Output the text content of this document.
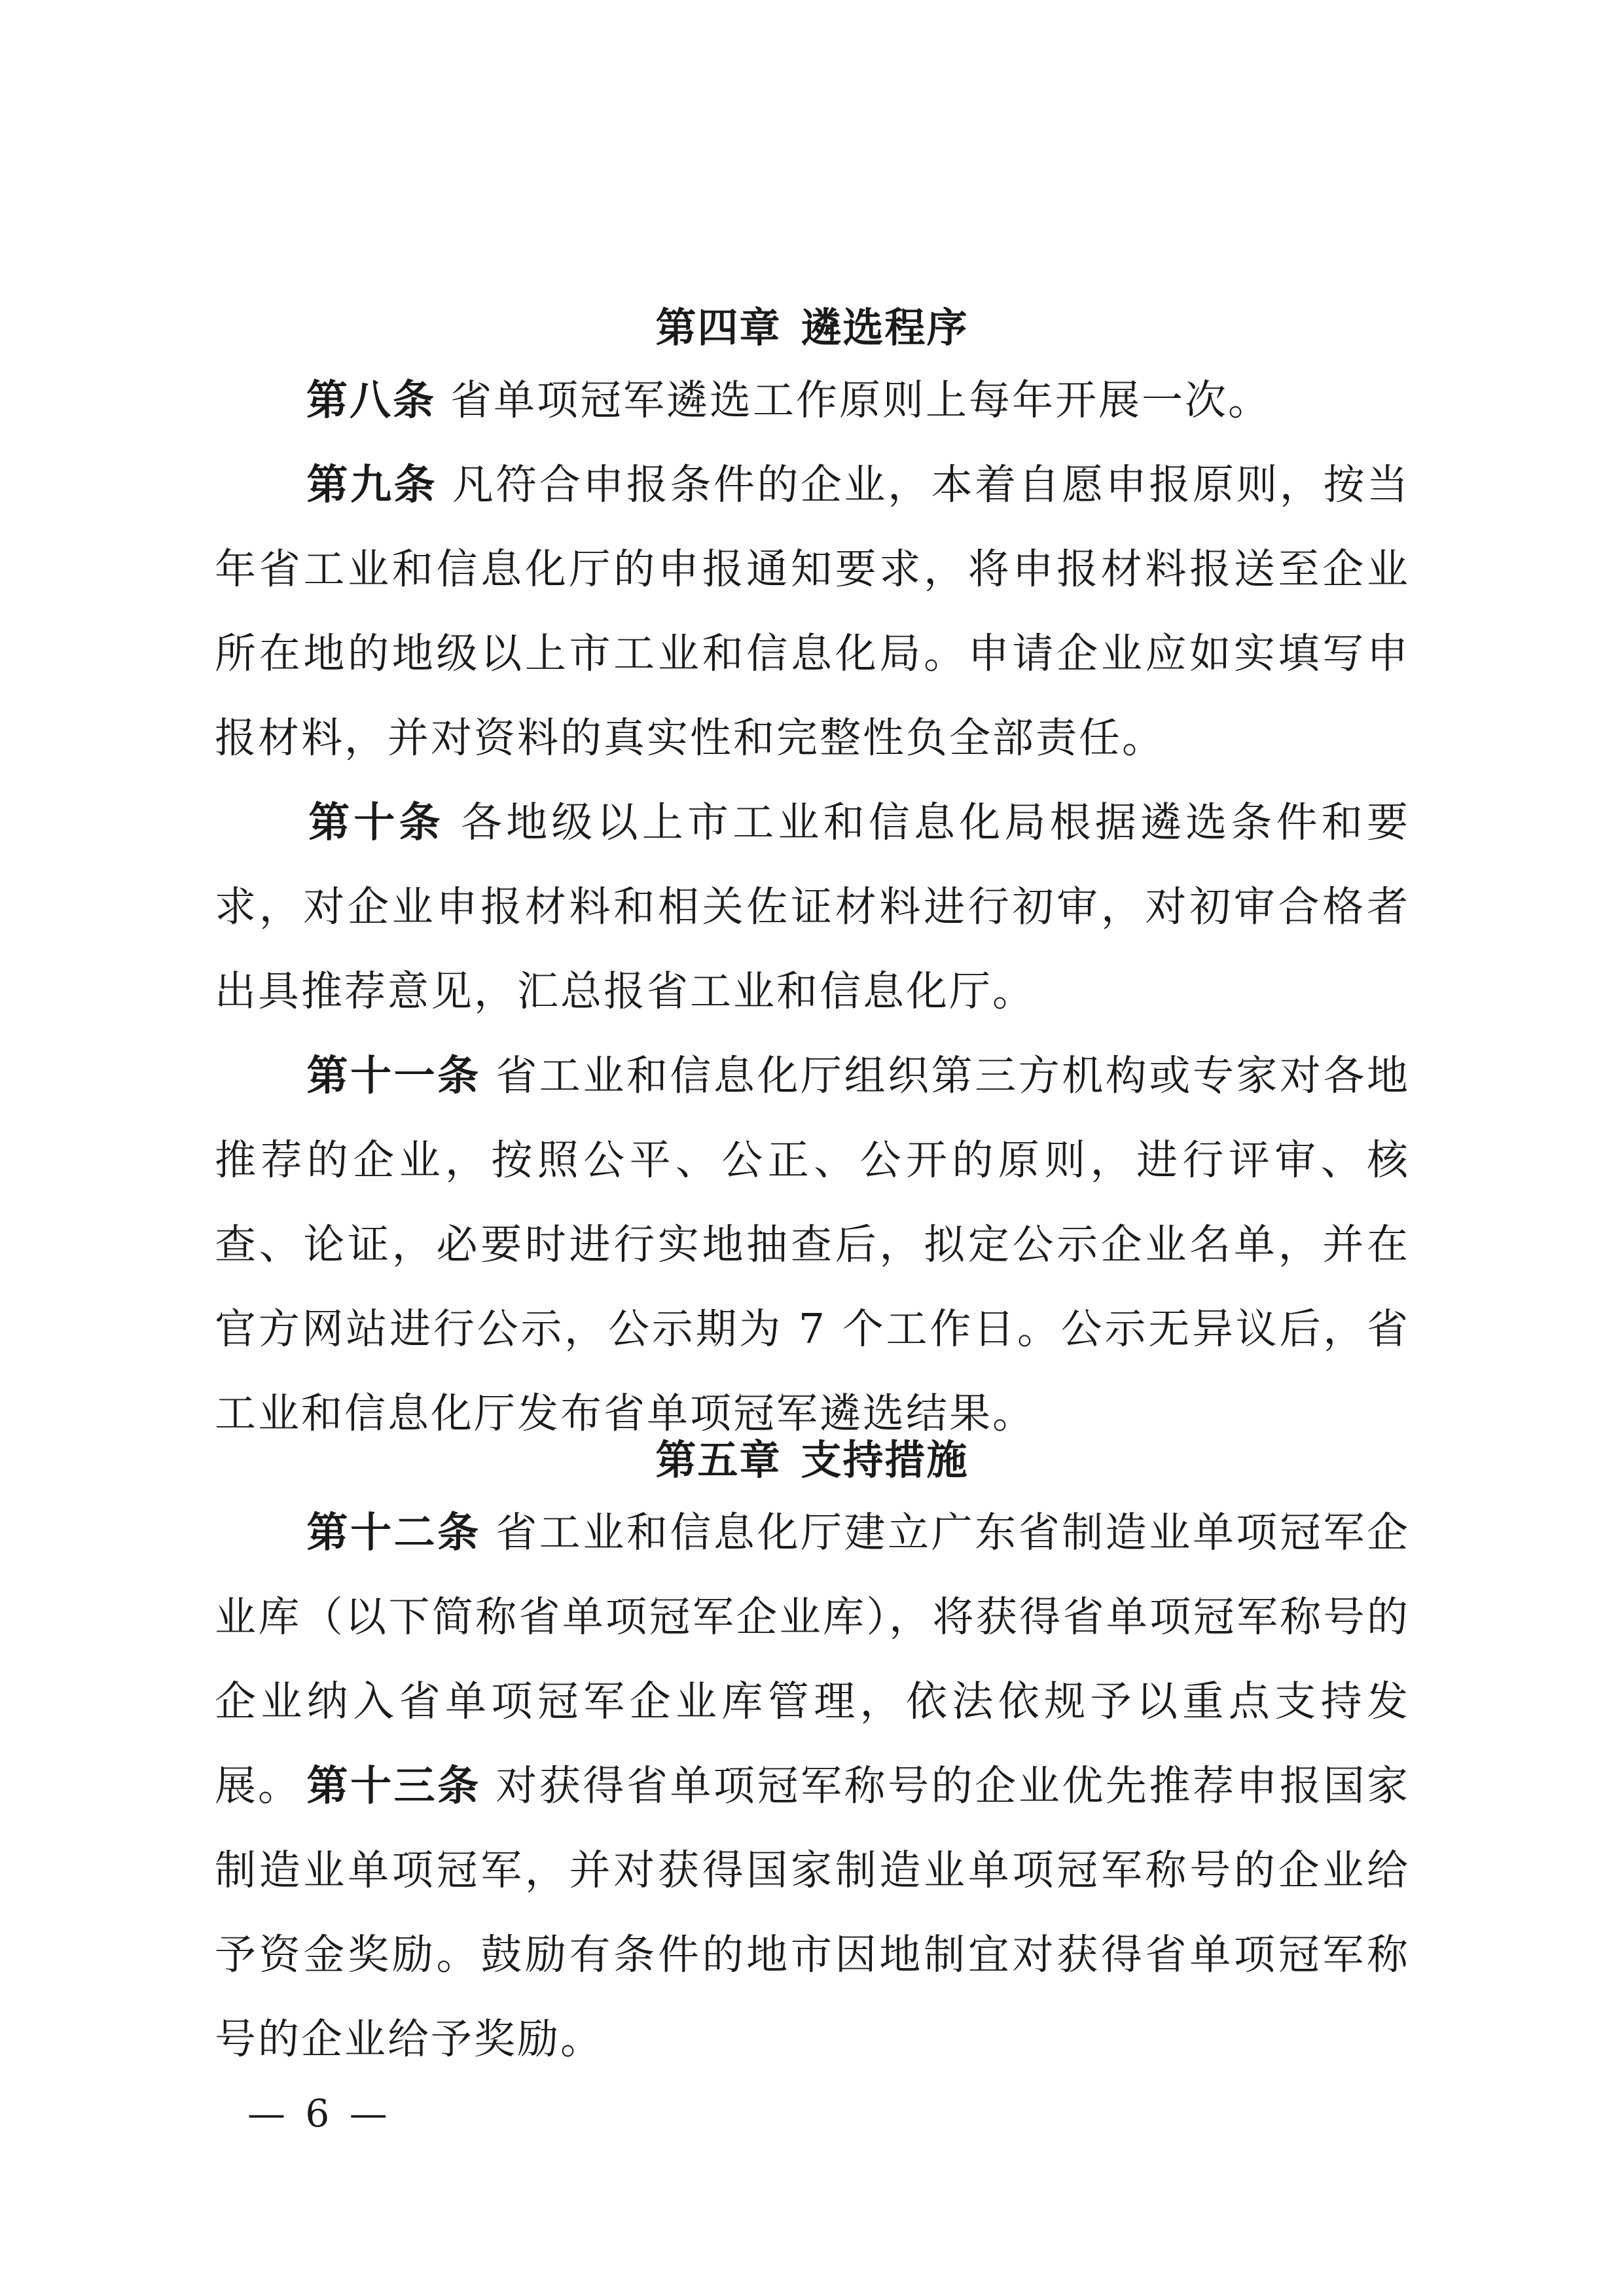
第四章 遴选程序
第八条 省单项冠军遴选工作原则上每年开展一次。
第九条 凡符合申报条件的企业，本着自愿申报原则，按当年省工业和信息化厅的申报通知要求，将申报材料报送至企业所在地的地级以上市工业和信息化局。申请企业应如实填写申报材料，并对资料的真实性和完整性负全部责任。
第十条 各地级以上市工业和信息化局根据遴选条件和要求，对企业申报材料和相关佐证材料进行初审，对初审合格者出具推荐意见，汇总报省工业和信息化厅。
第十一条 省工业和信息化厅组织第三方机构或专家对各地推荐的企业，按照公平、公正、公开的原则，进行评审、核查、论证，必要时进行实地抽查后，拟定公示企业名单，并在官方网站进行公示，公示期为 7 个工作日。公示无异议后，省工业和信息化厅发布省单项冠军遴选结果。
第五章 支持措施
第十二条 省工业和信息化厅建立广东省制造业单项冠军企业库（以下简称省单项冠军企业库），将获得省单项冠军称号的企业纳入省单项冠军企业库管理，依法依规予以重点支持发展。 第十三条 对获得省单项冠军称号的企业优先推荐申报国家制造业单项冠军，并对获得国家制造业单项冠军称号的企业给予资金奖励。鼓励有条件的地市因地制宜对获得省单项冠军称号的企业给予奖励。
— 6 —
